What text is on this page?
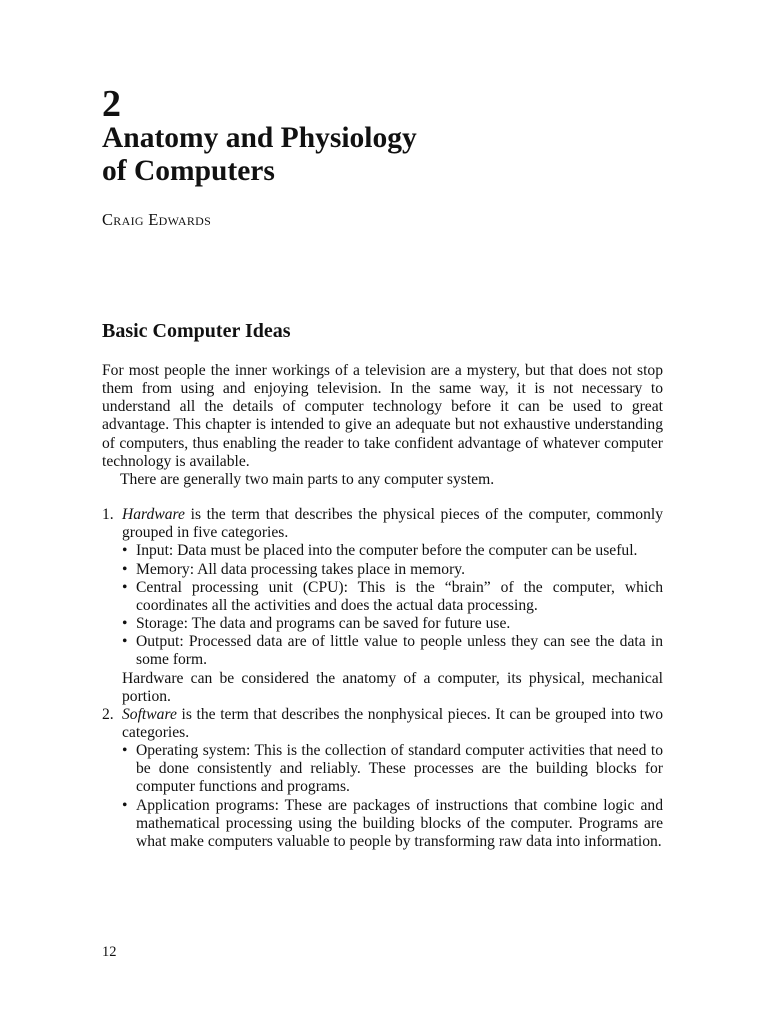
2
Anatomy and Physiology
of Computers
Craig Edwards
Basic Computer Ideas

For most people the inner workings of a television are a mystery, but that does not stop them from using and enjoying television. In the same way, it is not necessary to understand all the details of computer technology before it can be used to great advantage. This chapter is intended to give an adequate but not exhaustive understanding of computers, thus enabling the reader to take confident advantage of whatever computer technology is available.

There are generally two main parts to any computer system.

1. Hardware is the term that describes the physical pieces of the computer, commonly grouped in five categories.
• Input: Data must be placed into the computer before the computer can be useful.
• Memory: All data processing takes place in memory.
• Central processing unit (CPU): This is the “brain” of the computer, which coordinates all the activities and does the actual data processing.
• Storage: The data and programs can be saved for future use.
• Output: Processed data are of little value to people unless they can see the data in some form.
Hardware can be considered the anatomy of a computer, its physical, mechanical portion.
2. Software is the term that describes the nonphysical pieces. It can be grouped into two categories.
• Operating system: This is the collection of standard computer activities that need to be done consistently and reliably. These processes are the building blocks for computer functions and programs.
• Application programs: These are packages of instructions that combine logic and mathematical processing using the building blocks of the computer. Programs are what make computers valuable to people by transforming raw data into information.
12
